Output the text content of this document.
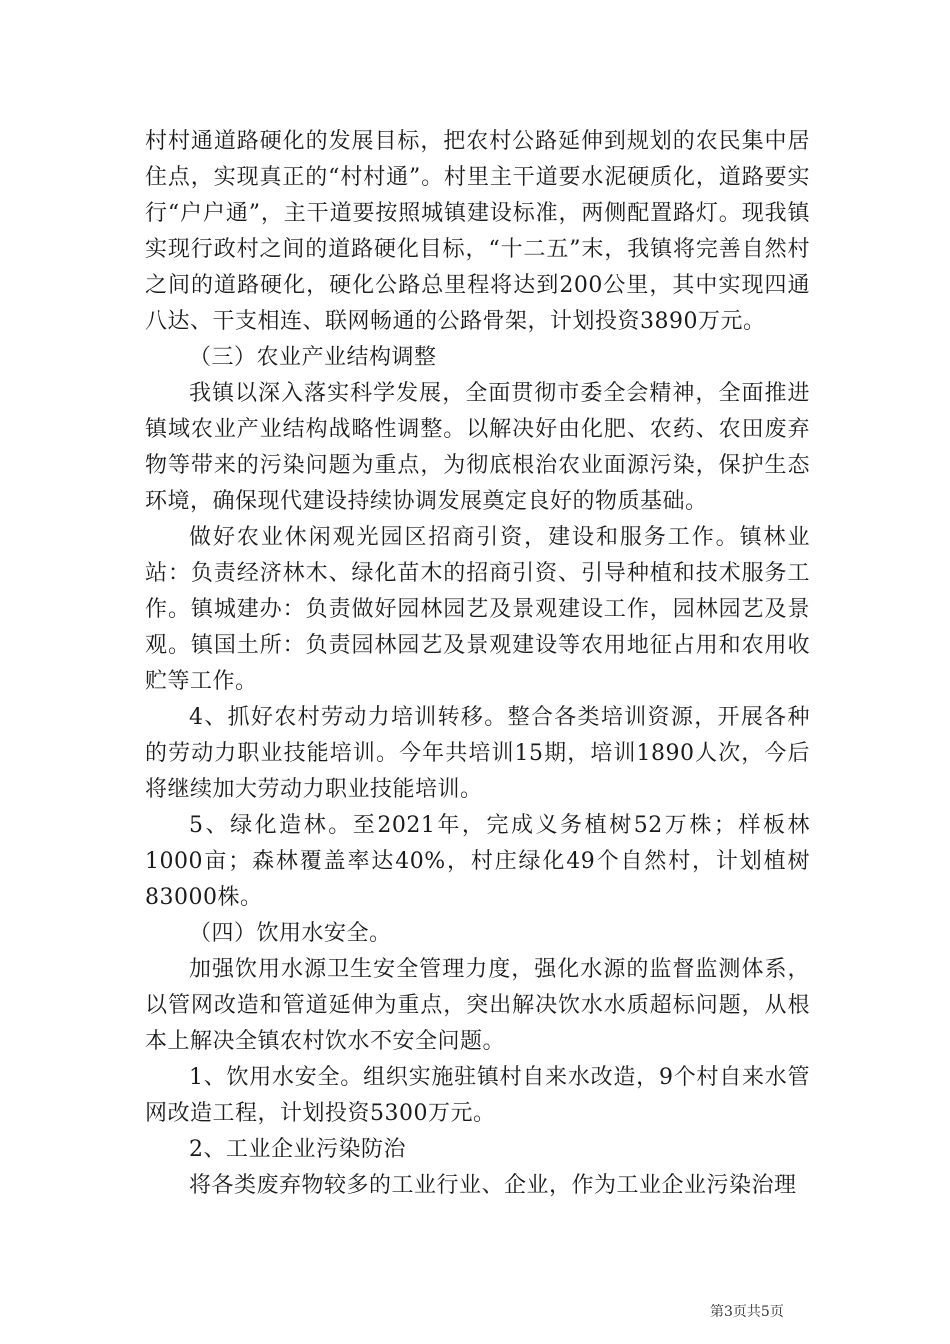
村村通道路硬化的发展目标，把农村公路延伸到规划的农民集中居住点，实现真正的“村村通”。村里主干道要水泥硬质化，道路要实行“户户通”，主干道要按照城镇建设标准，两侧配置路灯。现我镇实现行政村之间的道路硬化目标，“十二五”末，我镇将完善自然村之间的道路硬化，硬化公路总里程将达到200公里，其中实现四通八达、干支相连、联网畅通的公路骨架，计划投资3890万元。

（三）农业产业结构调整

我镇以深入落实科学发展，全面贯彻市委全会精神，全面推进镇域农业产业结构战略性调整。以解决好由化肥、农药、农田废弃物等带来的污染问题为重点，为彻底根治农业面源污染，保护生态环境，确保现代建设持续协调发展奠定良好的物质基础。

做好农业休闲观光园区招商引资，建设和服务工作。镇林业站：负责经济林木、绿化苗木的招商引资、引导种植和技术服务工作。镇城建办：负责做好园林园艺及景观建设工作，园林园艺及景观。镇国土所：负责园林园艺及景观建设等农用地征占用和农用收贮等工作。

4、抓好农村劳动力培训转移。整合各类培训资源，开展各种的劳动力职业技能培训。今年共培训15期，培训1890人次，今后将继续加大劳动力职业技能培训。

5、绿化造林。至2021年，完成义务植树52万株；样板林1000亩；森林覆盖率达40%，村庄绿化49个自然村，计划植树83000株。

（四）饮用水安全。

加强饮用水源卫生安全管理力度，强化水源的监督监测体系，以管网改造和管道延伸为重点，突出解决饮水水质超标问题，从根本上解决全镇农村饮水不安全问题。

1、饮用水安全。组织实施驻镇村自来水改造，9个村自来水管网改造工程，计划投资5300万元。

2、工业企业污染防治

将各类废弃物较多的工业行业、企业，作为工业企业污染治理

第3页共5页
